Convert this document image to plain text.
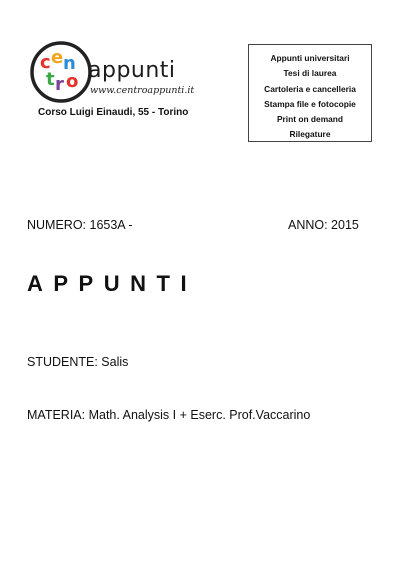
c e n
t r o appunti
www.centroappunti.it
Corso Luigi Einaudi, 55 - Torino
Appunti universitari
Tesi di laurea
Cartoleria e cancelleria
Stampa file e fotocopie
Print on demand
Rilegature
NUMERO: 1653A -	ANNO: 2015
APPUNTI
STUDENTE: Salis
MATERIA: Math. Analysis I + Eserc. Prof.Vaccarino
